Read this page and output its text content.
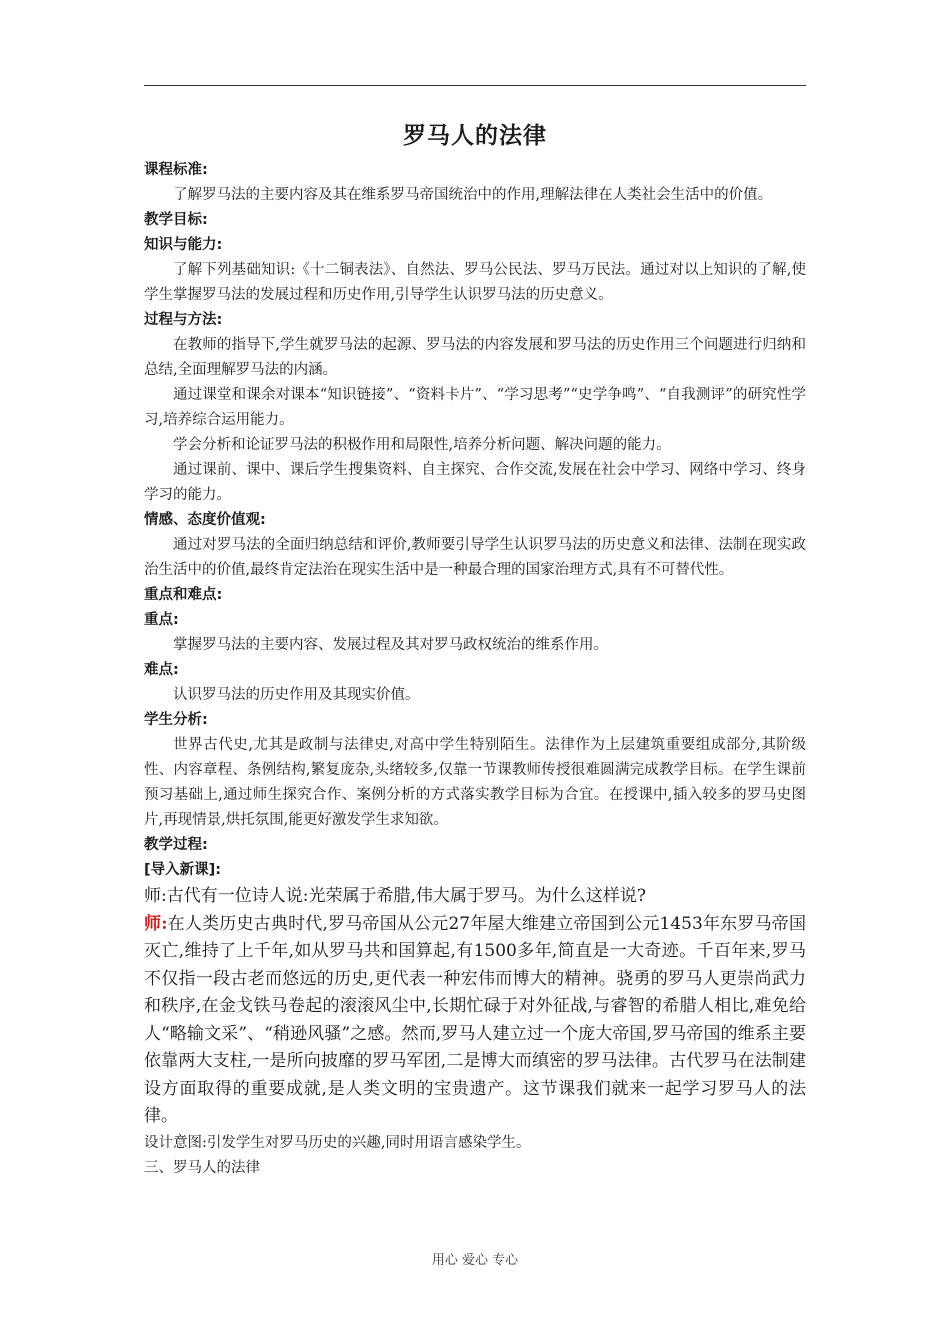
罗马人的法律

课程标准:

了解罗马法的主要内容及其在维系罗马帝国统治中的作用,理解法律在人类社会生活中的价值。

教学目标:

知识与能力:

了解下列基础知识:《十二铜表法》、自然法、罗马公民法、罗马万民法。通过对以上知识的了解,使学生掌握罗马法的发展过程和历史作用,引导学生认识罗马法的历史意义。

过程与方法:

在教师的指导下,学生就罗马法的起源、罗马法的内容发展和罗马法的历史作用三个问题进行归纳和总结,全面理解罗马法的内涵。

通过课堂和课余对课本“知识链接”、“资料卡片”、“学习思考”“史学争鸣”、“自我测评”的研究性学习,培养综合运用能力。

学会分析和论证罗马法的积极作用和局限性,培养分析问题、解决问题的能力。

通过课前、课中、课后学生搜集资料、自主探究、合作交流,发展在社会中学习、网络中学习、终身学习的能力。

情感、态度价值观:

通过对罗马法的全面归纳总结和评价,教师要引导学生认识罗马法的历史意义和法律、法制在现实政治生活中的价值,最终肯定法治在现实生活中是一种最合理的国家治理方式,具有不可替代性。

重点和难点:

重点:

掌握罗马法的主要内容、发展过程及其对罗马政权统治的维系作用。

难点:

认识罗马法的历史作用及其现实价值。

学生分析:

世界古代史,尤其是政制与法律史,对高中学生特别陌生。法律作为上层建筑重要组成部分,其阶级性、内容章程、条例结构,繁复庞杂,头绪较多,仅靠一节课教师传授很难圆满完成教学目标。在学生课前预习基础上,通过师生探究合作、案例分析的方式落实教学目标为合宜。在授课中,插入较多的罗马史图片,再现情景,烘托氛围,能更好激发学生求知欲。

教学过程:

[导入新课]:

师:古代有一位诗人说:光荣属于希腊,伟大属于罗马。为什么这样说?

师:在人类历史古典时代,罗马帝国从公元27年屋大维建立帝国到公元1453年东罗马帝国灭亡,维持了上千年,如从罗马共和国算起,有1500多年,简直是一大奇迹。千百年来,罗马不仅指一段古老而悠远的历史,更代表一种宏伟而博大的精神。骁勇的罗马人更崇尚武力和秩序,在金戈铁马卷起的滚滚风尘中,长期忙碌于对外征战,与睿智的希腊人相比,难免给人“略输文采”、“稍逊风骚”之感。然而,罗马人建立过一个庞大帝国,罗马帝国的维系主要依靠两大支柱,一是所向披靡的罗马军团,二是博大而缜密的罗马法律。古代罗马在法制建设方面取得的重要成就,是人类文明的宝贵遗产。这节课我们就来一起学习罗马人的法律。

设计意图:引发学生对罗马历史的兴趣,同时用语言感染学生。

三、罗马人的法律

用心 爱心 专心
